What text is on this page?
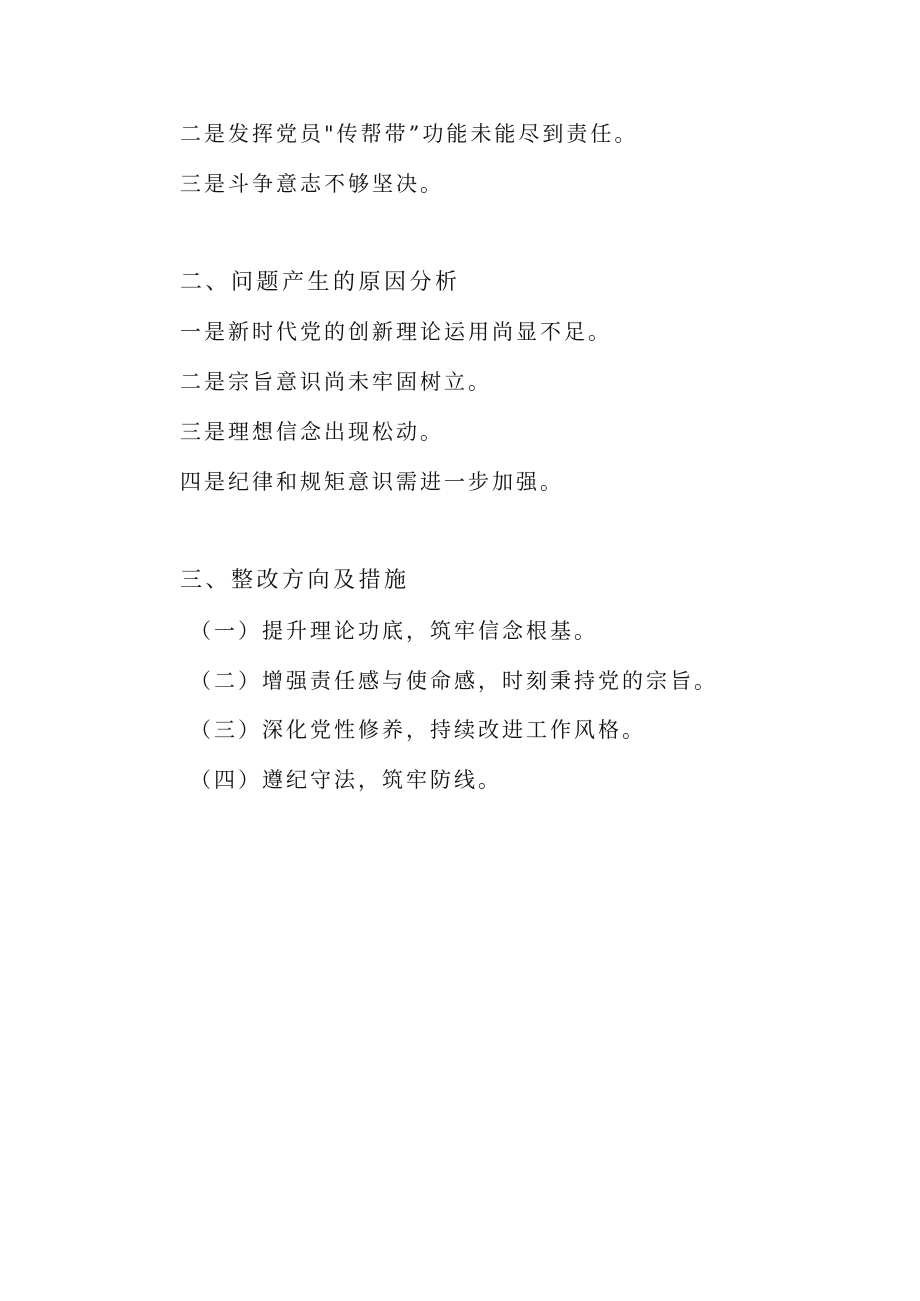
二是发挥党员"传帮带”功能未能尽到责任。
三是斗争意志不够坚决。
二、问题产生的原因分析
一是新时代党的创新理论运用尚显不足。
二是宗旨意识尚未牢固树立。
三是理想信念出现松动。
四是纪律和规矩意识需进一步加强。
三、整改方向及措施
（一）提升理论功底，筑牢信念根基。
（二）增强责任感与使命感，时刻秉持党的宗旨。
（三）深化党性修养，持续改进工作风格。
（四）遵纪守法，筑牢防线。
